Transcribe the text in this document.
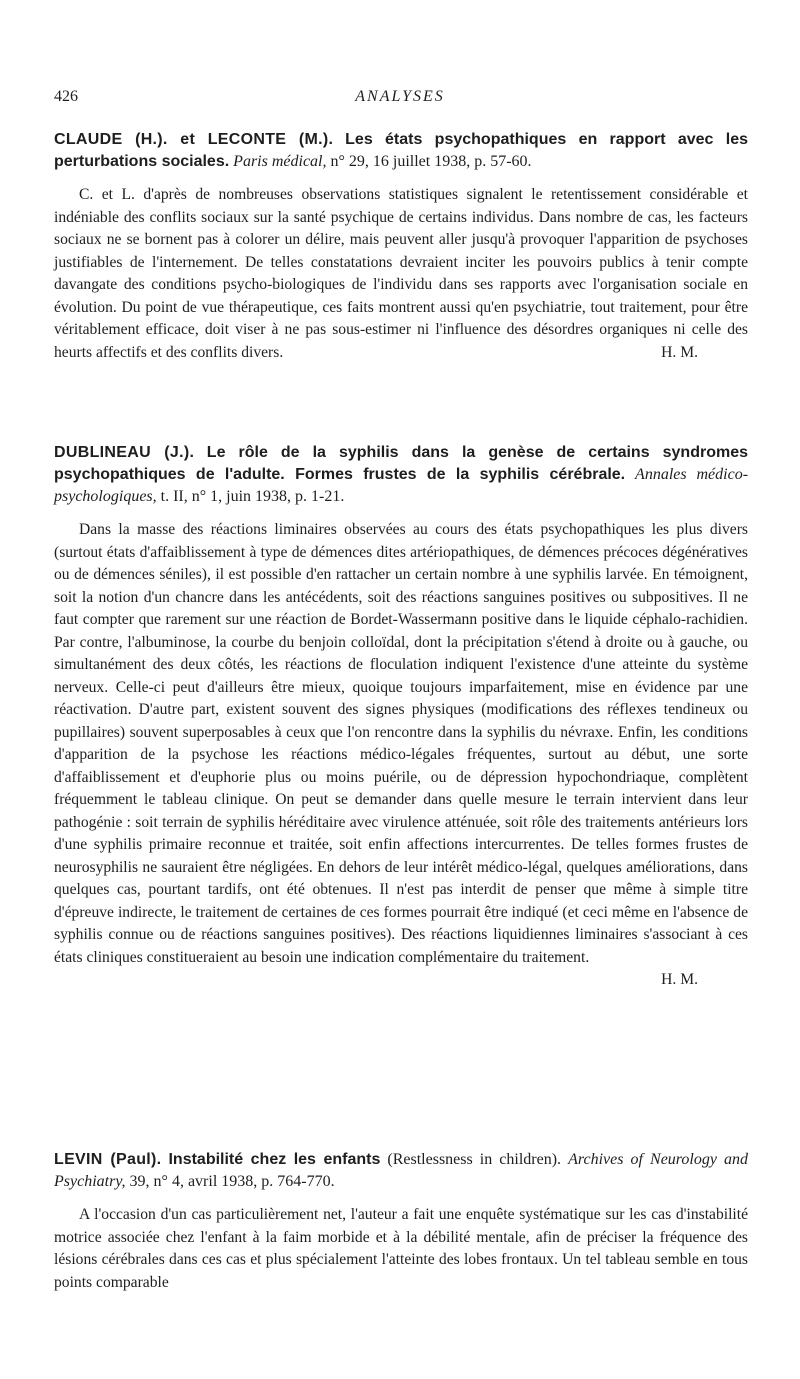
426	ANALYSES

CLAUDE (H.). et LECONTE (M.). Les états psychopathiques en rapport avec les perturbations sociales. Paris médical, n° 29, 16 juillet 1938, p. 57-60.

C. et L. d'après de nombreuses observations statistiques signalent le retentissement considérable et indéniable des conflits sociaux sur la santé psychique de certains individus. Dans nombre de cas, les facteurs sociaux ne se bornent pas à colorer un délire, mais peuvent aller jusqu'à provoquer l'apparition de psychoses justifiables de l'internement. De telles constatations devraient inciter les pouvoirs publics à tenir compte davangate des conditions psycho-biologiques de l'individu dans ses rapports avec l'organisation sociale en évolution. Du point de vue thérapeutique, ces faits montrent aussi qu'en psychiatrie, tout traitement, pour être véritablement efficace, doit viser à ne pas sous-estimer ni l'influence des désordres organiques ni celle des heurts affectifs et des conflits divers.	H. M.

DUBLINEAU (J.). Le rôle de la syphilis dans la genèse de certains syndromes psychopathiques de l'adulte. Formes frustes de la syphilis cérébrale. Annales médico-psychologiques, t. II, n° 1, juin 1938, p. 1-21.

Dans la masse des réactions liminaires observées au cours des états psychopathiques les plus divers (surtout états d'affaiblissement à type de démences dites artériopathiques, de démences précoces dégénératives ou de démences séniles), il est possible d'en rattacher un certain nombre à une syphilis larvée. En témoignent, soit la notion d'un chancre dans les antécédents, soit des réactions sanguines positives ou subpositives. Il ne faut compter que rarement sur une réaction de Bordet-Wassermann positive dans le liquide céphalo-rachidien. Par contre, l'albuminose, la courbe du benjoin colloïdal, dont la précipitation s'étend à droite ou à gauche, ou simultanément des deux côtés, les réactions de floculation indiquent l'existence d'une atteinte du système nerveux. Celle-ci peut d'ailleurs être mieux, quoique toujours imparfaitement, mise en évidence par une réactivation. D'autre part, existent souvent des signes physiques (modifications des réflexes tendineux ou pupillaires) souvent superposables à ceux que l'on rencontre dans la syphilis du névraxe. Enfin, les conditions d'apparition de la psychose les réactions médico-légales fréquentes, surtout au début, une sorte d'affaiblissement et d'euphorie plus ou moins puérile, ou de dépression hypochondriaque, complètent fréquemment le tableau clinique. On peut se demander dans quelle mesure le terrain intervient dans leur pathogénie : soit terrain de syphilis héréditaire avec virulence atténuée, soit rôle des traitements antérieurs lors d'une syphilis primaire reconnue et traitée, soit enfin affections intercurrentes. De telles formes frustes de neurosyphilis ne sauraient être négligées. En dehors de leur intérêt médico-légal, quelques améliorations, dans quelques cas, pourtant tardifs, ont été obtenues. Il n'est pas interdit de penser que même à simple titre d'épreuve indirecte, le traitement de certaines de ces formes pourrait être indiqué (et ceci même en l'absence de syphilis connue ou de réactions sanguines positives). Des réactions liquidiennes liminaires s'associant à ces états cliniques constitueraient au besoin une indication complémentaire du traitement.

H. M.

LEVIN (Paul). Instabilité chez les enfants (Restlessness in children). Archives of Neurology and Psychiatry, 39, n° 4, avril 1938, p. 764-770.

A l'occasion d'un cas particulièrement net, l'auteur a fait une enquête systématique sur les cas d'instabilité motrice associée chez l'enfant à la faim morbide et à la débilité mentale, afin de préciser la fréquence des lésions cérébrales dans ces cas et plus spécialement l'atteinte des lobes frontaux. Un tel tableau semble en tous points comparable
